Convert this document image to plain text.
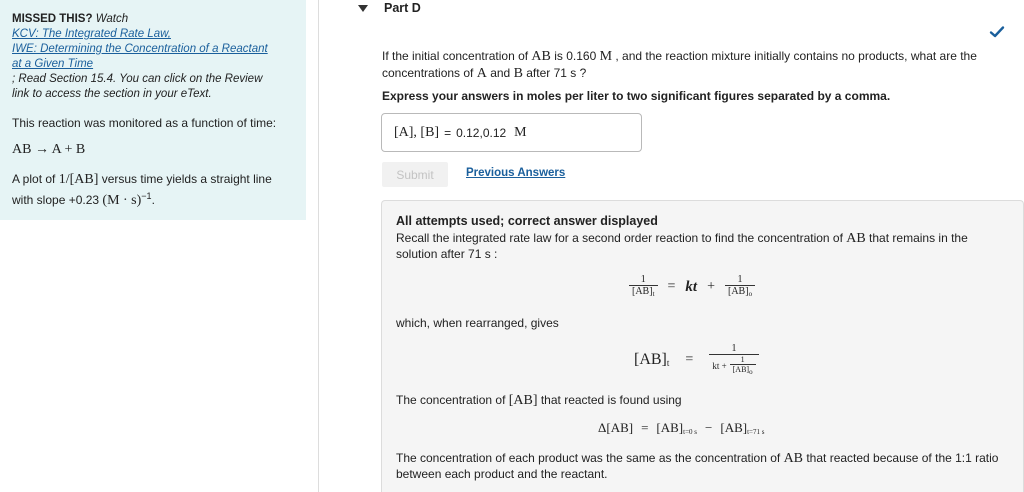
MISSED THIS? Watch
KCV: The Integrated Rate Law,
IWE: Determining the Concentration of a Reactant
at a Given Time
; Read Section 15.4. You can click on the Review
link to access the section in your eText.
This reaction was monitored as a function of time:
AB → A + B
A plot of 1/[AB] versus time yields a straight line
with slope +0.23 $(M \cdot s)^{-1}$.
Part D
If the initial concentration of AB is 0.160 M , and the reaction mixture initially contains no products, what are the concentrations of A and B after 71 s ?
Express your answers in moles per liter to two significant figures separated by a comma.
[A], [B] = 0.12,0.12 M
Submit	Previous Answers
All attempts used; correct answer displayed
Recall the integrated rate law for a second order reaction to find the concentration of AB that remains in the solution after 71 s :
$\frac{1}{[AB]_t}$ = kt + $\frac{1}{[AB]_o}$
which, when rearranged, gives
$[AB]_t = \frac{1}{kt + \frac{1}{[AB]o}}$
The concentration of [AB] that reacted is found using
$\Delta[AB] = [AB]_{t=0 s} - [AB]_{t=71 s}$
The concentration of each product was the same as the concentration of AB that reacted because of the 1:1 ratio between each product and the reactant.
